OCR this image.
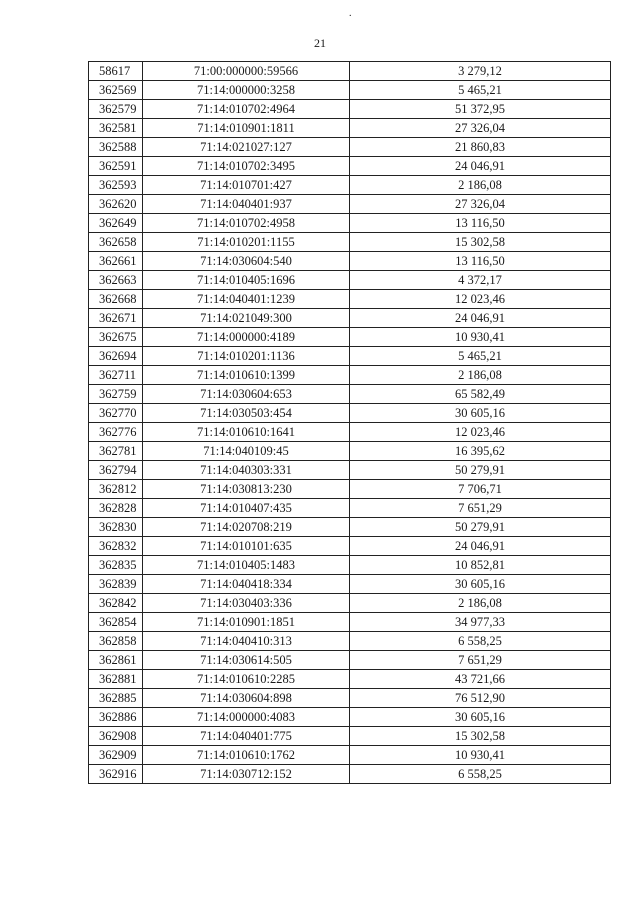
.
21
58617	71:00:000000:59566	3 279,12
362569	71:14:000000:3258	5 465,21
362579	71:14:010702:4964	51 372,95
362581	71:14:010901:1811	27 326,04
362588	71:14:021027:127	21 860,83
362591	71:14:010702:3495	24 046,91
362593	71:14:010701:427	2 186,08
362620	71:14:040401:937	27 326,04
362649	71:14:010702:4958	13 116,50
362658	71:14:010201:1155	15 302,58
362661	71:14:030604:540	13 116,50
362663	71:14:010405:1696	4 372,17
362668	71:14:040401:1239	12 023,46
362671	71:14:021049:300	24 046,91
362675	71:14:000000:4189	10 930,41
362694	71:14:010201:1136	5 465,21
362711	71:14:010610:1399	2 186,08
362759	71:14:030604:653	65 582,49
362770	71:14:030503:454	30 605,16
362776	71:14:010610:1641	12 023,46
362781	71:14:040109:45	16 395,62
362794	71:14:040303:331	50 279,91
362812	71:14:030813:230	7 706,71
362828	71:14:010407:435	7 651,29
362830	71:14:020708:219	50 279,91
362832	71:14:010101:635	24 046,91
362835	71:14:010405:1483	10 852,81
362839	71:14:040418:334	30 605,16
362842	71:14:030403:336	2 186,08
362854	71:14:010901:1851	34 977,33
362858	71:14:040410:313	6 558,25
362861	71:14:030614:505	7 651,29
362881	71:14:010610:2285	43 721,66
362885	71:14:030604:898	76 512,90
362886	71:14:000000:4083	30 605,16
362908	71:14:040401:775	15 302,58
362909	71:14:010610:1762	10 930,41
362916	71:14:030712:152	6 558,25
